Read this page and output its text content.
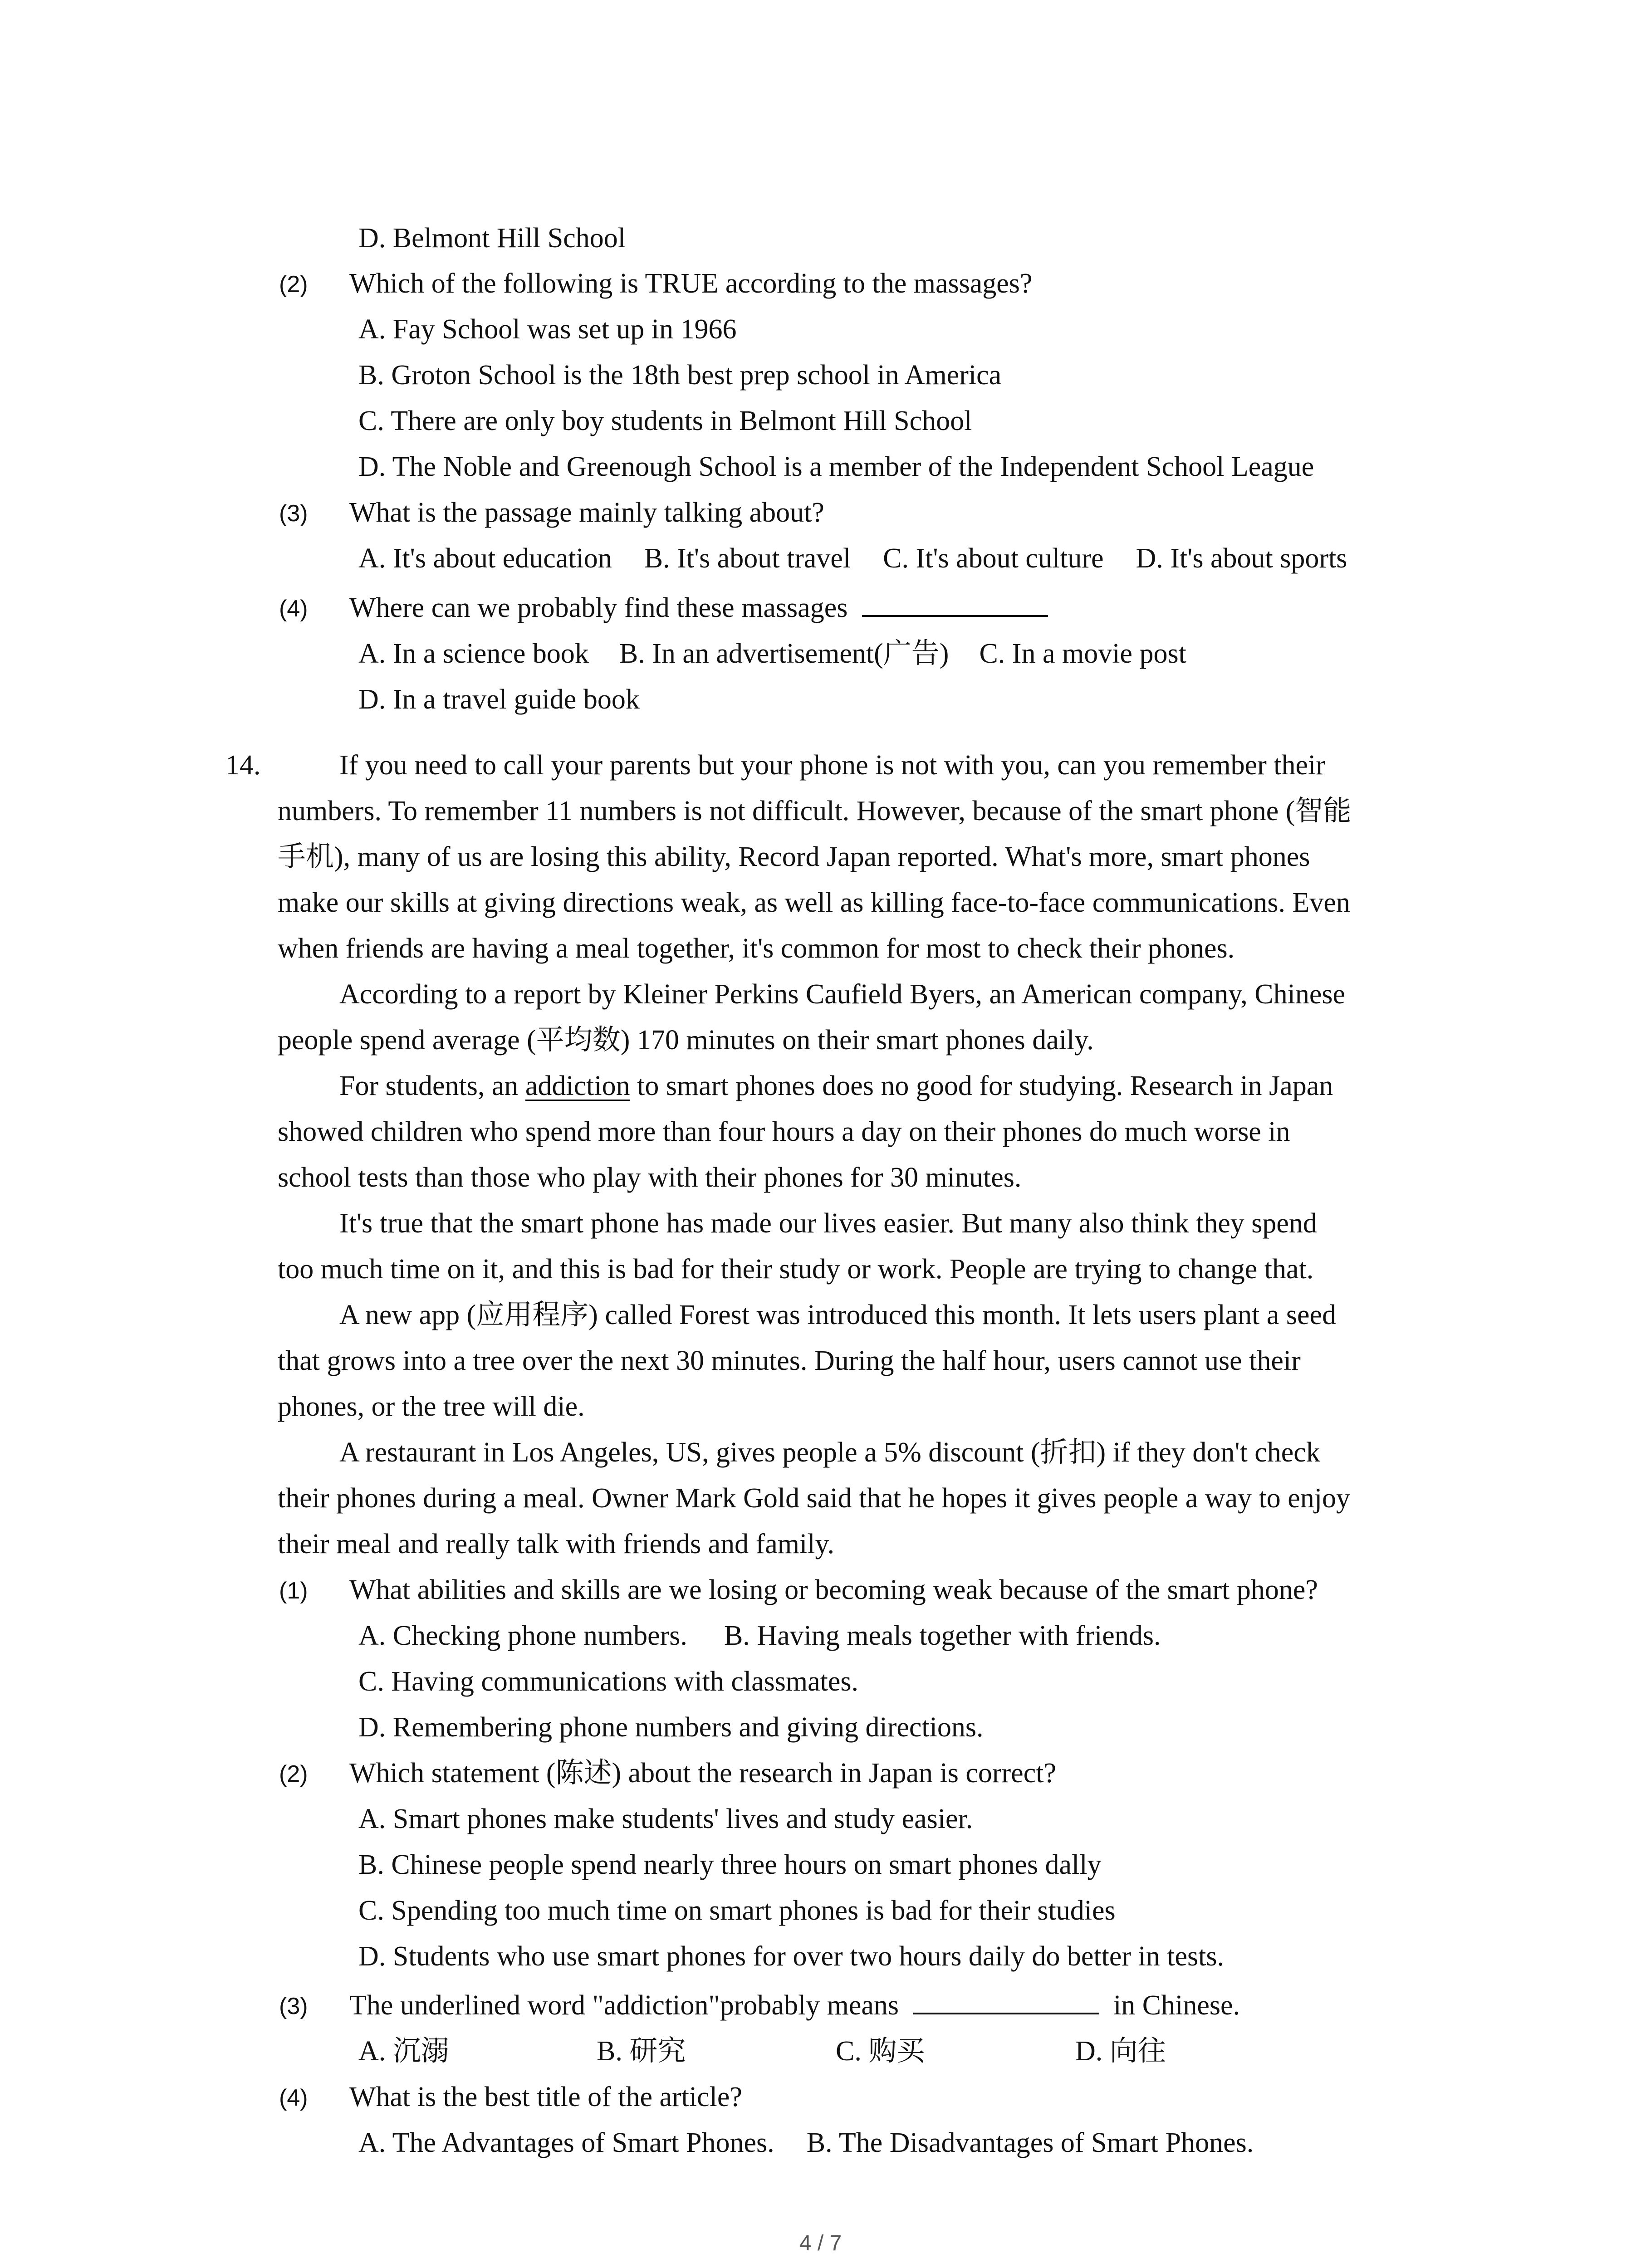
D. Belmont Hill School
(2) Which of the following is TRUE according to the massages?
A. Fay School was set up in 1966
B. Groton School is the 18th best prep school in America
C. There are only boy students in Belmont Hill School
D. The Noble and Greenough School is a member of the Independent School League
(3) What is the passage mainly talking about?
A. It's about education B. It's about travel C. It's about culture D. It's about sports
(4) Where can we probably find these massages
A. In a science book B. In an advertisement(广告) C. In a movie post
D. In a travel guide book
14.	If you need to call your parents but your phone is not with you, can you remember their
numbers. To remember 11 numbers is not difficult. However, because of the smart phone (智能
手机), many of us are losing this ability, Record Japan reported. What's more, smart phones
make our skills at giving directions weak, as well as killing face-to-face communications. Even
when friends are having a meal together, it's common for most to check their phones.
According to a report by Kleiner Perkins Caufield Byers, an American company, Chinese
people spend average (平均数) 170 minutes on their smart phones daily.
For students, an addiction to smart phones does no good for studying. Research in Japan
showed children who spend more than four hours a day on their phones do much worse in
school tests than those who play with their phones for 30 minutes.
It's true that the smart phone has made our lives easier. But many also think they spend
too much time on it, and this is bad for their study or work. People are trying to change that.
A new app (应用程序) called Forest was introduced this month. It lets users plant a seed
that grows into a tree over the next 30 minutes. During the half hour, users cannot use their
phones, or the tree will die.
A restaurant in Los Angeles, US, gives people a 5% discount (折扣) if they don't check
their phones during a meal. Owner Mark Gold said that he hopes it gives people a way to enjoy
their meal and really talk with friends and family.
(1) What abilities and skills are we losing or becoming weak because of the smart phone?
A. Checking phone numbers. B. Having meals together with friends.
C. Having communications with classmates.
D. Remembering phone numbers and giving directions.
(2) Which statement (陈述) about the research in Japan is correct?
A. Smart phones make students' lives and study easier.
B. Chinese people spend nearly three hours on smart phones dally
C. Spending too much time on smart phones is bad for their studies
D. Students who use smart phones for over two hours daily do better in tests.
(3) The underlined word "addiction"probably means	in Chinese.
A. 沉溺	B. 研究	C. 购买	D. 向往
(4) What is the best title of the article?
A. The Advantages of Smart Phones. B. The Disadvantages of Smart Phones.
4 / 7
